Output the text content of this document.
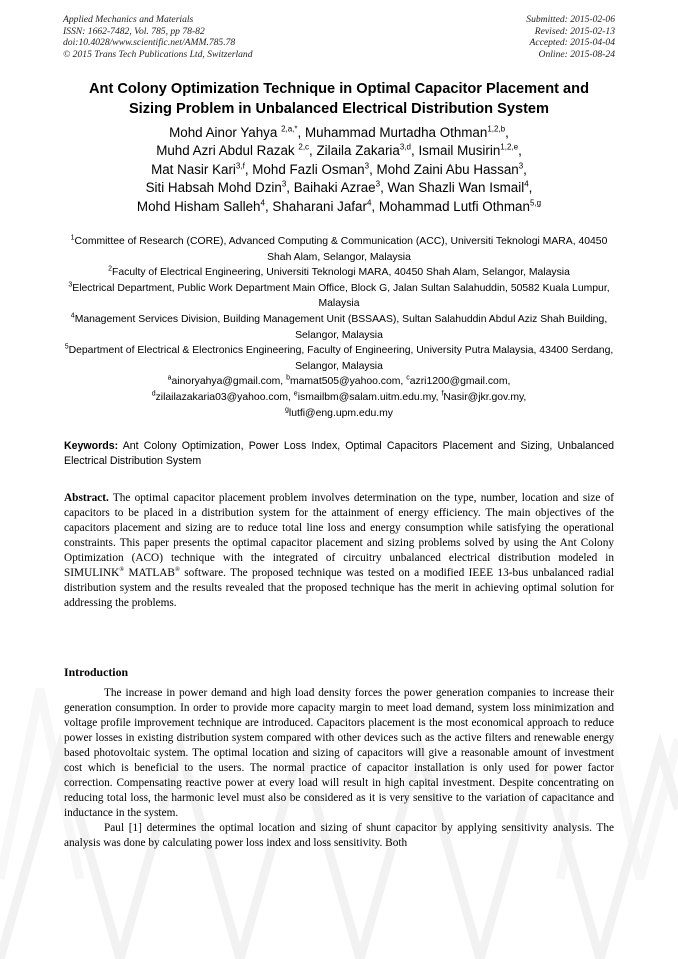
Applied Mechanics and Materials
ISSN: 1662-7482, Vol. 785, pp 78-82
doi:10.4028/www.scientific.net/AMM.785.78
© 2015 Trans Tech Publications Ltd, Switzerland
Submitted: 2015-02-06
Revised: 2015-02-13
Accepted: 2015-04-04
Online: 2015-08-24
Ant Colony Optimization Technique in Optimal Capacitor Placement and
Sizing Problem in Unbalanced Electrical Distribution System
Mohd Ainor Yahya $^{2,a,*}$, Muhammad Murtadha Othman$^{1,2,b}$,
Muhd Azri Abdul Razak $^{2,c}$, Zilaila Zakaria$^{3,d}$, Ismail Musirin$^{1,2,e}$,
Mat Nasir Kari$^{3,f}$, Mohd Fazli Osman$^3$, Mohd Zaini Abu Hassan$^3$,
Siti Habsah Mohd Dzin$^3$, Baihaki Azrae$^3$, Wan Shazli Wan Ismail$^4$,
Mohd Hisham Salleh$^4$, Shaharani Jafar$^4$, Mohammad Lutfi Othman$^{5,g}$
$^1$Committee of Research (CORE), Advanced Computing & Communication (ACC), Universiti Teknologi MARA, 40450 Shah Alam, Selangor, Malaysia
$^2$Faculty of Electrical Engineering, Universiti Teknologi MARA, 40450 Shah Alam, Selangor, Malaysia
$^3$Electrical Department, Public Work Department Main Office, Block G, Jalan Sultan Salahuddin, 50582 Kuala Lumpur, Malaysia
$^4$Management Services Division, Building Management Unit (BSSAAS), Sultan Salahuddin Abdul Aziz Shah Building, Selangor, Malaysia
$^5$Department of Electrical & Electronics Engineering, Faculty of Engineering, University Putra Malaysia, 43400 Serdang, Selangor, Malaysia
$^a$ainoryahya@gmail.com, $^b$mamat505@yahoo.com, $^c$azri1200@gmail.com,
$^d$zilailazakaria03@yahoo.com, $^e$ismailbm@salam.uitm.edu.my, $^f$Nasir@jkr.gov.my,
$^g$lutfi@eng.upm.edu.my
Keywords: Ant Colony Optimization, Power Loss Index, Optimal Capacitors Placement and Sizing, Unbalanced Electrical Distribution System
Abstract. The optimal capacitor placement problem involves determination on the type, number, location and size of capacitors to be placed in a distribution system for the attainment of energy efficiency. The main objectives of the capacitors placement and sizing are to reduce total line loss and energy consumption while satisfying the operational constraints. This paper presents the optimal capacitor placement and sizing problems solved by using the Ant Colony Optimization (ACO) technique with the integrated of circuitry unbalanced electrical distribution modeled in SIMULINK® MATLAB® software. The proposed technique was tested on a modified IEEE 13-bus unbalanced radial distribution system and the results revealed that the proposed technique has the merit in achieving optimal solution for addressing the problems.
Introduction

The increase in power demand and high load density forces the power generation companies to increase their generation consumption. In order to provide more capacity margin to meet load demand, system loss minimization and voltage profile improvement technique are introduced. Capacitors placement is the most economical approach to reduce power losses in existing distribution system compared with other devices such as the active filters and renewable energy based photovoltaic system. The optimal location and sizing of capacitors will give a reasonable amount of investment cost which is beneficial to the users. The normal practice of capacitor installation is only used for power factor correction. Compensating reactive power at every load will result in high capital investment. Despite concentrating on reducing total loss, the harmonic level must also be considered as it is very sensitive to the variation of capacitance and inductance in the system.

Paul [1] determines the optimal location and sizing of shunt capacitor by applying sensitivity analysis. The analysis was done by calculating power loss index and loss sensitivity. Both
